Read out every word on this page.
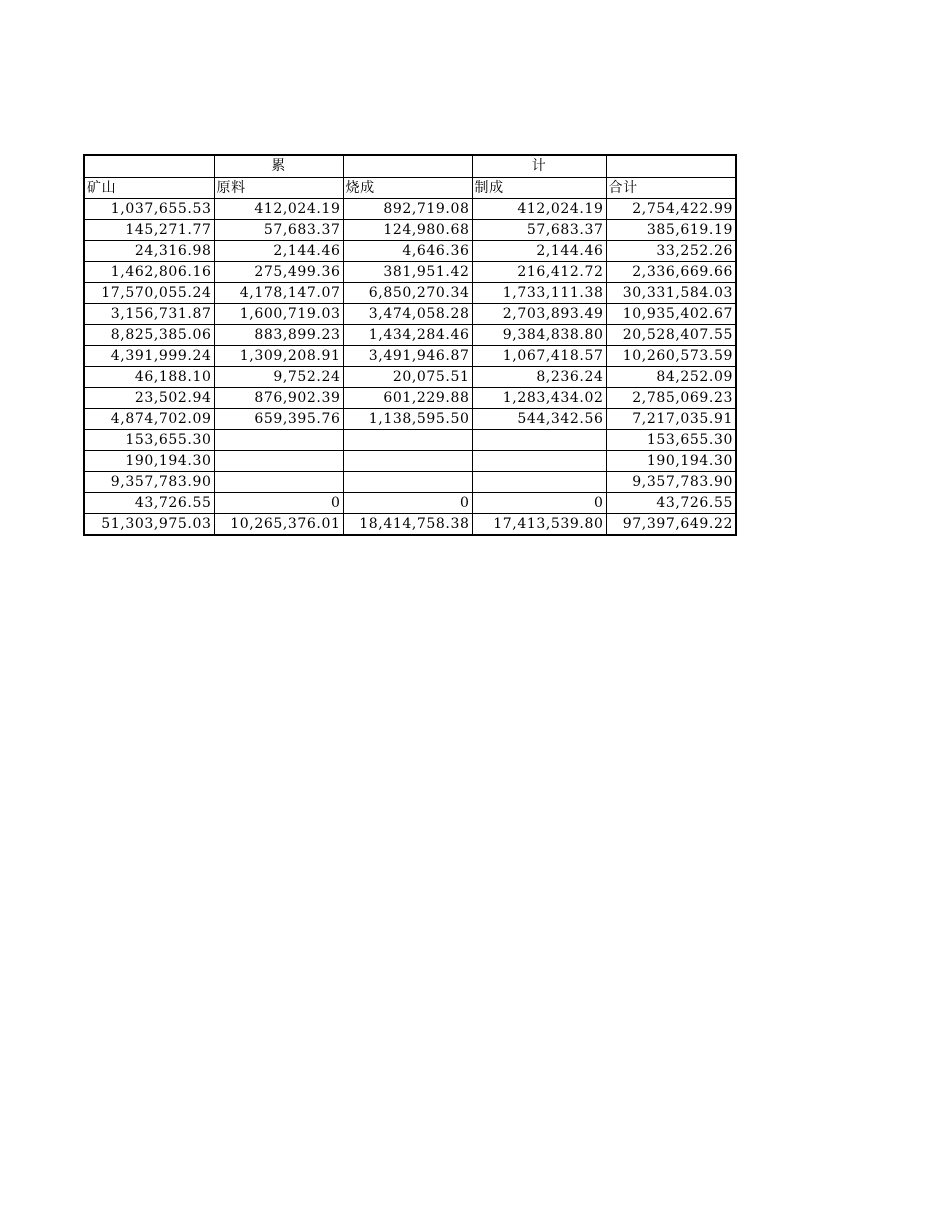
	累		计	
矿山	原料	烧成	制成	合计
1,037,655.53	412,024.19	892,719.08	412,024.19	2,754,422.99
145,271.77	57,683.37	124,980.68	57,683.37	385,619.19
24,316.98	2,144.46	4,646.36	2,144.46	33,252.26
1,462,806.16	275,499.36	381,951.42	216,412.72	2,336,669.66
17,570,055.24	4,178,147.07	6,850,270.34	1,733,111.38	30,331,584.03
3,156,731.87	1,600,719.03	3,474,058.28	2,703,893.49	10,935,402.67
8,825,385.06	883,899.23	1,434,284.46	9,384,838.80	20,528,407.55
4,391,999.24	1,309,208.91	3,491,946.87	1,067,418.57	10,260,573.59
46,188.10	9,752.24	20,075.51	8,236.24	84,252.09
23,502.94	876,902.39	601,229.88	1,283,434.02	2,785,069.23
4,874,702.09	659,395.76	1,138,595.50	544,342.56	7,217,035.91
153,655.30				153,655.30
190,194.30				190,194.30
9,357,783.90				9,357,783.90
43,726.55	0	0	0	43,726.55
51,303,975.03	10,265,376.01	18,414,758.38	17,413,539.80	97,397,649.22
